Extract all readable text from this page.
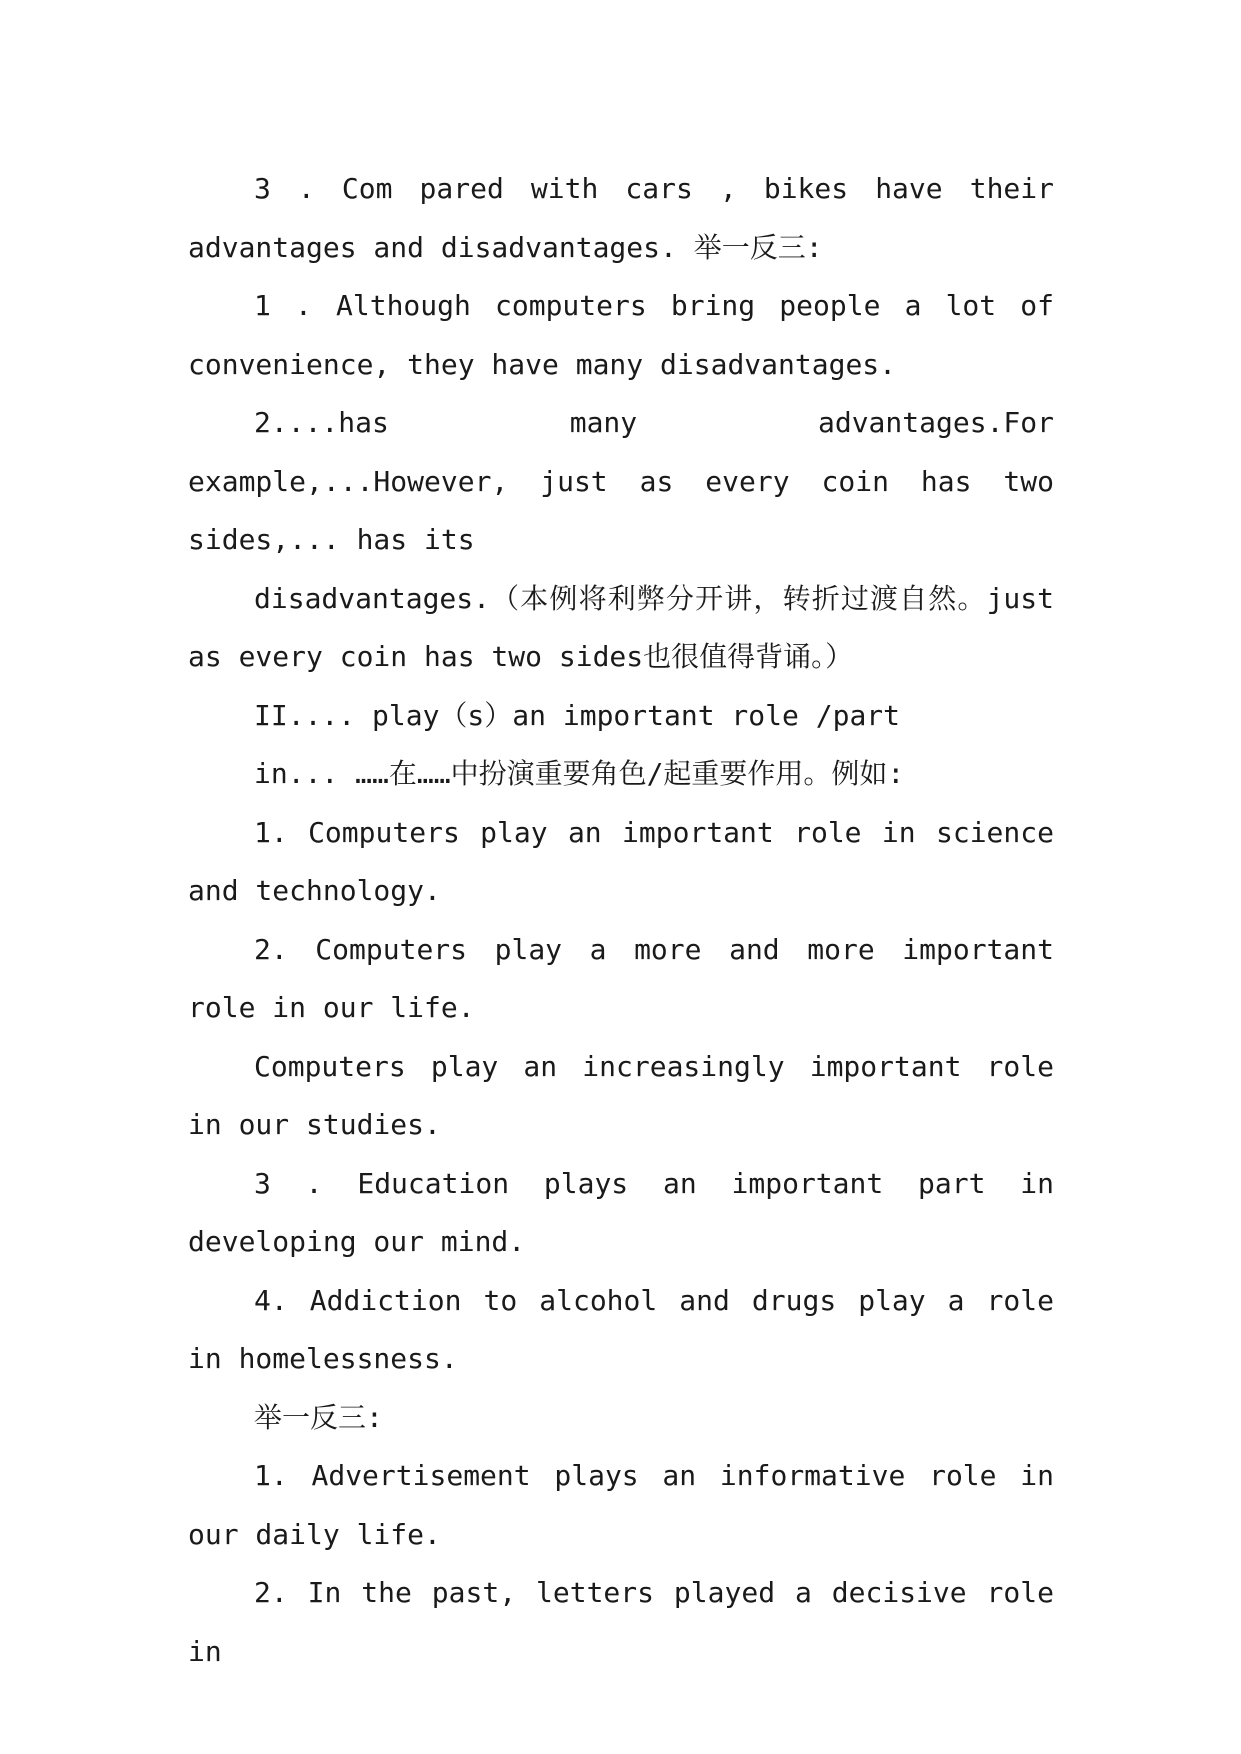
3 . Com pared with cars , bikes have their advantages and disadvantages. 举一反三:

1 . Although computers bring people a lot of convenience, they have many disadvantages.

2....has many advantages.For example,...However, just as every coin has two sides,... has its

disadvantages.（本例将利弊分开讲，转折过渡自然。just as every coin has two sides也很值得背诵。）

II.... play（s）an important role /part

in... ……在……中扮演重要角色/起重要作用。例如:

1. Computers play an important role in science and technology.

2. Computers play a more and more important role in our life.

Computers play an increasingly important role in our studies.

3 . Education plays an important part in developing our mind.

4. Addiction to alcohol and drugs play a role in homelessness.

举一反三:

1. Advertisement plays an informative role in our daily life.

2. In the past, letters played a decisive role in
